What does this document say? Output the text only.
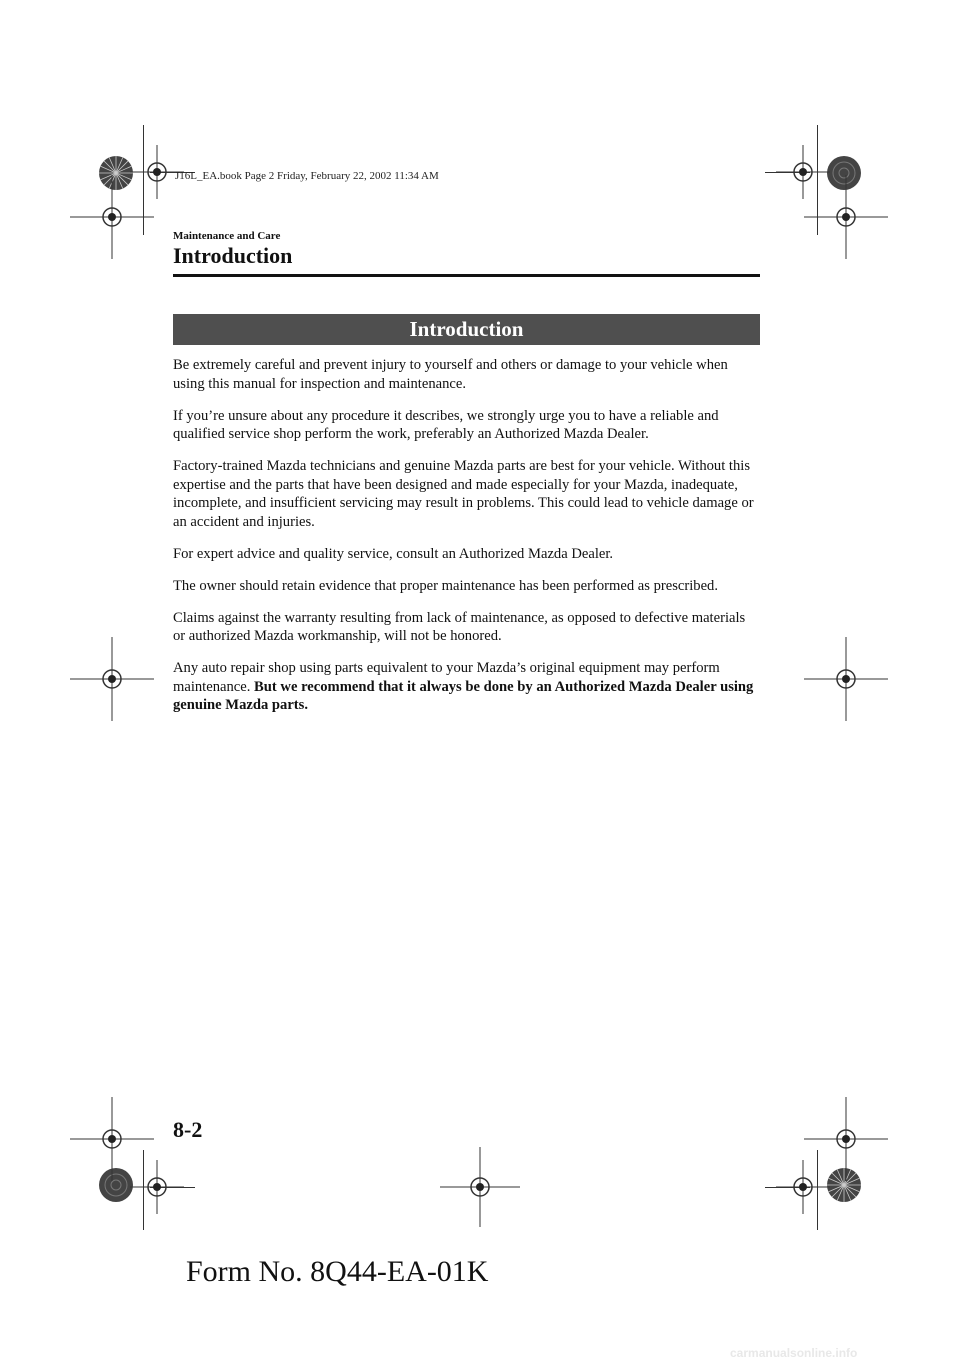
J16L_EA.book Page 2 Friday, February 22, 2002 11:34 AM
Maintenance and Care
Introduction
Introduction

Be extremely careful and prevent injury to yourself and others or damage to your vehicle when using this manual for inspection and maintenance.

If you’re unsure about any procedure it describes, we strongly urge you to have a reliable and qualified service shop perform the work, preferably an Authorized Mazda Dealer.

Factory-trained Mazda technicians and genuine Mazda parts are best for your vehicle. Without this expertise and the parts that have been designed and made especially for your Mazda, inadequate, incomplete, and insufficient servicing may result in problems. This could lead to vehicle damage or an accident and injuries.

For expert advice and quality service, consult an Authorized Mazda Dealer.

The owner should retain evidence that proper maintenance has been performed as prescribed.

Claims against the warranty resulting from lack of maintenance, as opposed to defective materials or authorized Mazda workmanship, will not be honored.

Any auto repair shop using parts equivalent to your Mazda’s original equipment may perform maintenance. But we recommend that it always be done by an Authorized Mazda Dealer using genuine Mazda parts.

8-2
Form No. 8Q44-EA-01K
carmanualsonline.info
